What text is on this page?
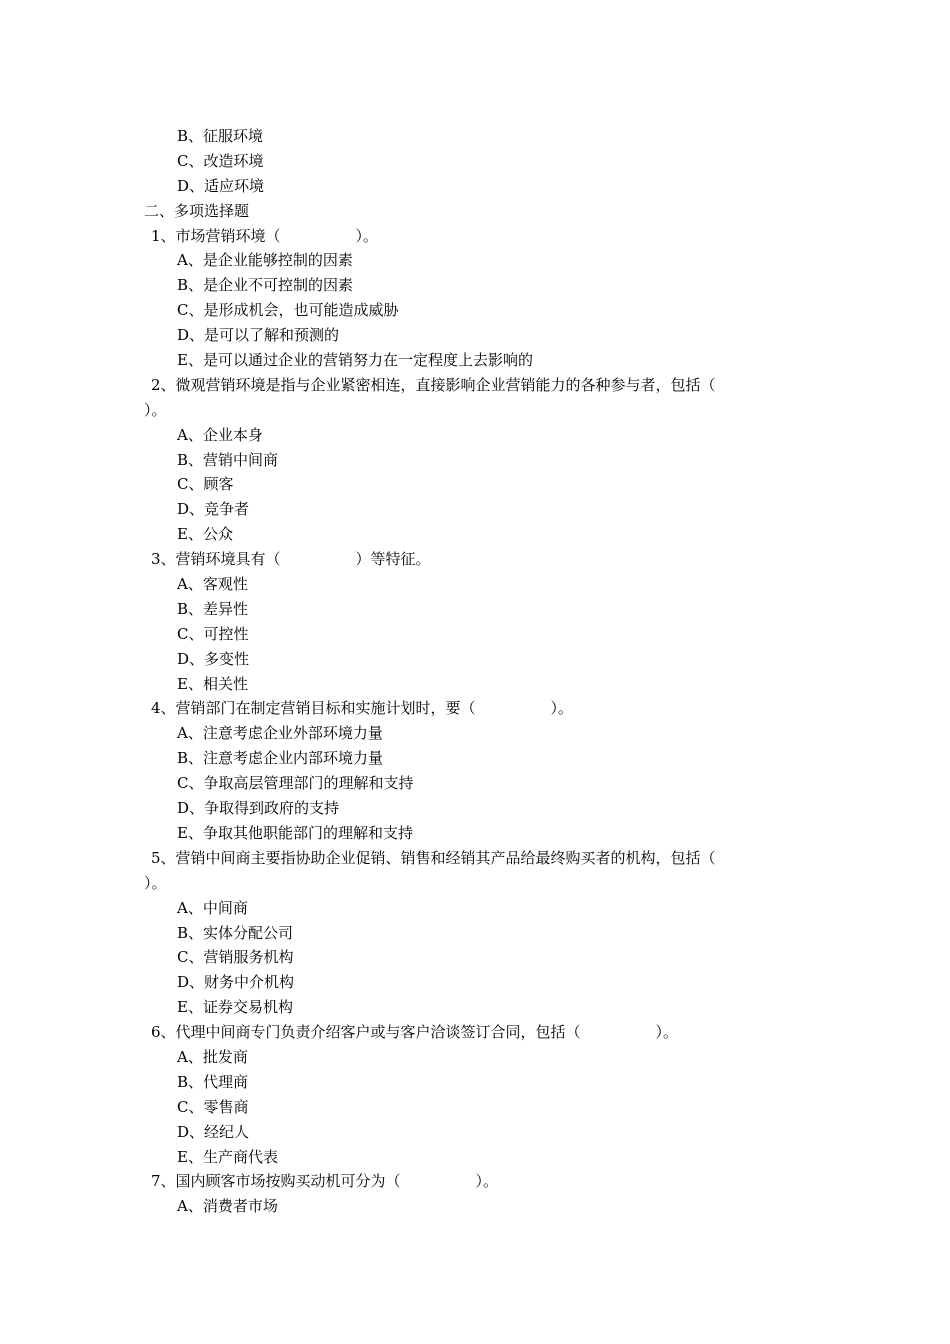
B、征服环境
C、改造环境
D、适应环境
二、多项选择题
1、市场营销环境（　　　　　）。
A、是企业能够控制的因素
B、是企业不可控制的因素
C、是形成机会，也可能造成威胁
D、是可以了解和预测的
E、是可以通过企业的营销努力在一定程度上去影响的
2、微观营销环境是指与企业紧密相连，直接影响企业营销能力的各种参与者，包括（
）。
A、企业本身
B、营销中间商
C、顾客
D、竞争者
E、公众
3、营销环境具有（　　　　　）等特征。
A、客观性
B、差异性
C、可控性
D、多变性
E、相关性
4、营销部门在制定营销目标和实施计划时，要（　　　　　）。
A、注意考虑企业外部环境力量
B、注意考虑企业内部环境力量
C、争取高层管理部门的理解和支持
D、争取得到政府的支持
E、争取其他职能部门的理解和支持
5、营销中间商主要指协助企业促销、销售和经销其产品给最终购买者的机构，包括（
）。
A、中间商
B、实体分配公司
C、营销服务机构
D、财务中介机构
E、证券交易机构
6、代理中间商专门负责介绍客户或与客户洽谈签订合同，包括（　　　　　）。
A、批发商
B、代理商
C、零售商
D、经纪人
E、生产商代表
7、国内顾客市场按购买动机可分为（　　　　　）。
A、消费者市场
